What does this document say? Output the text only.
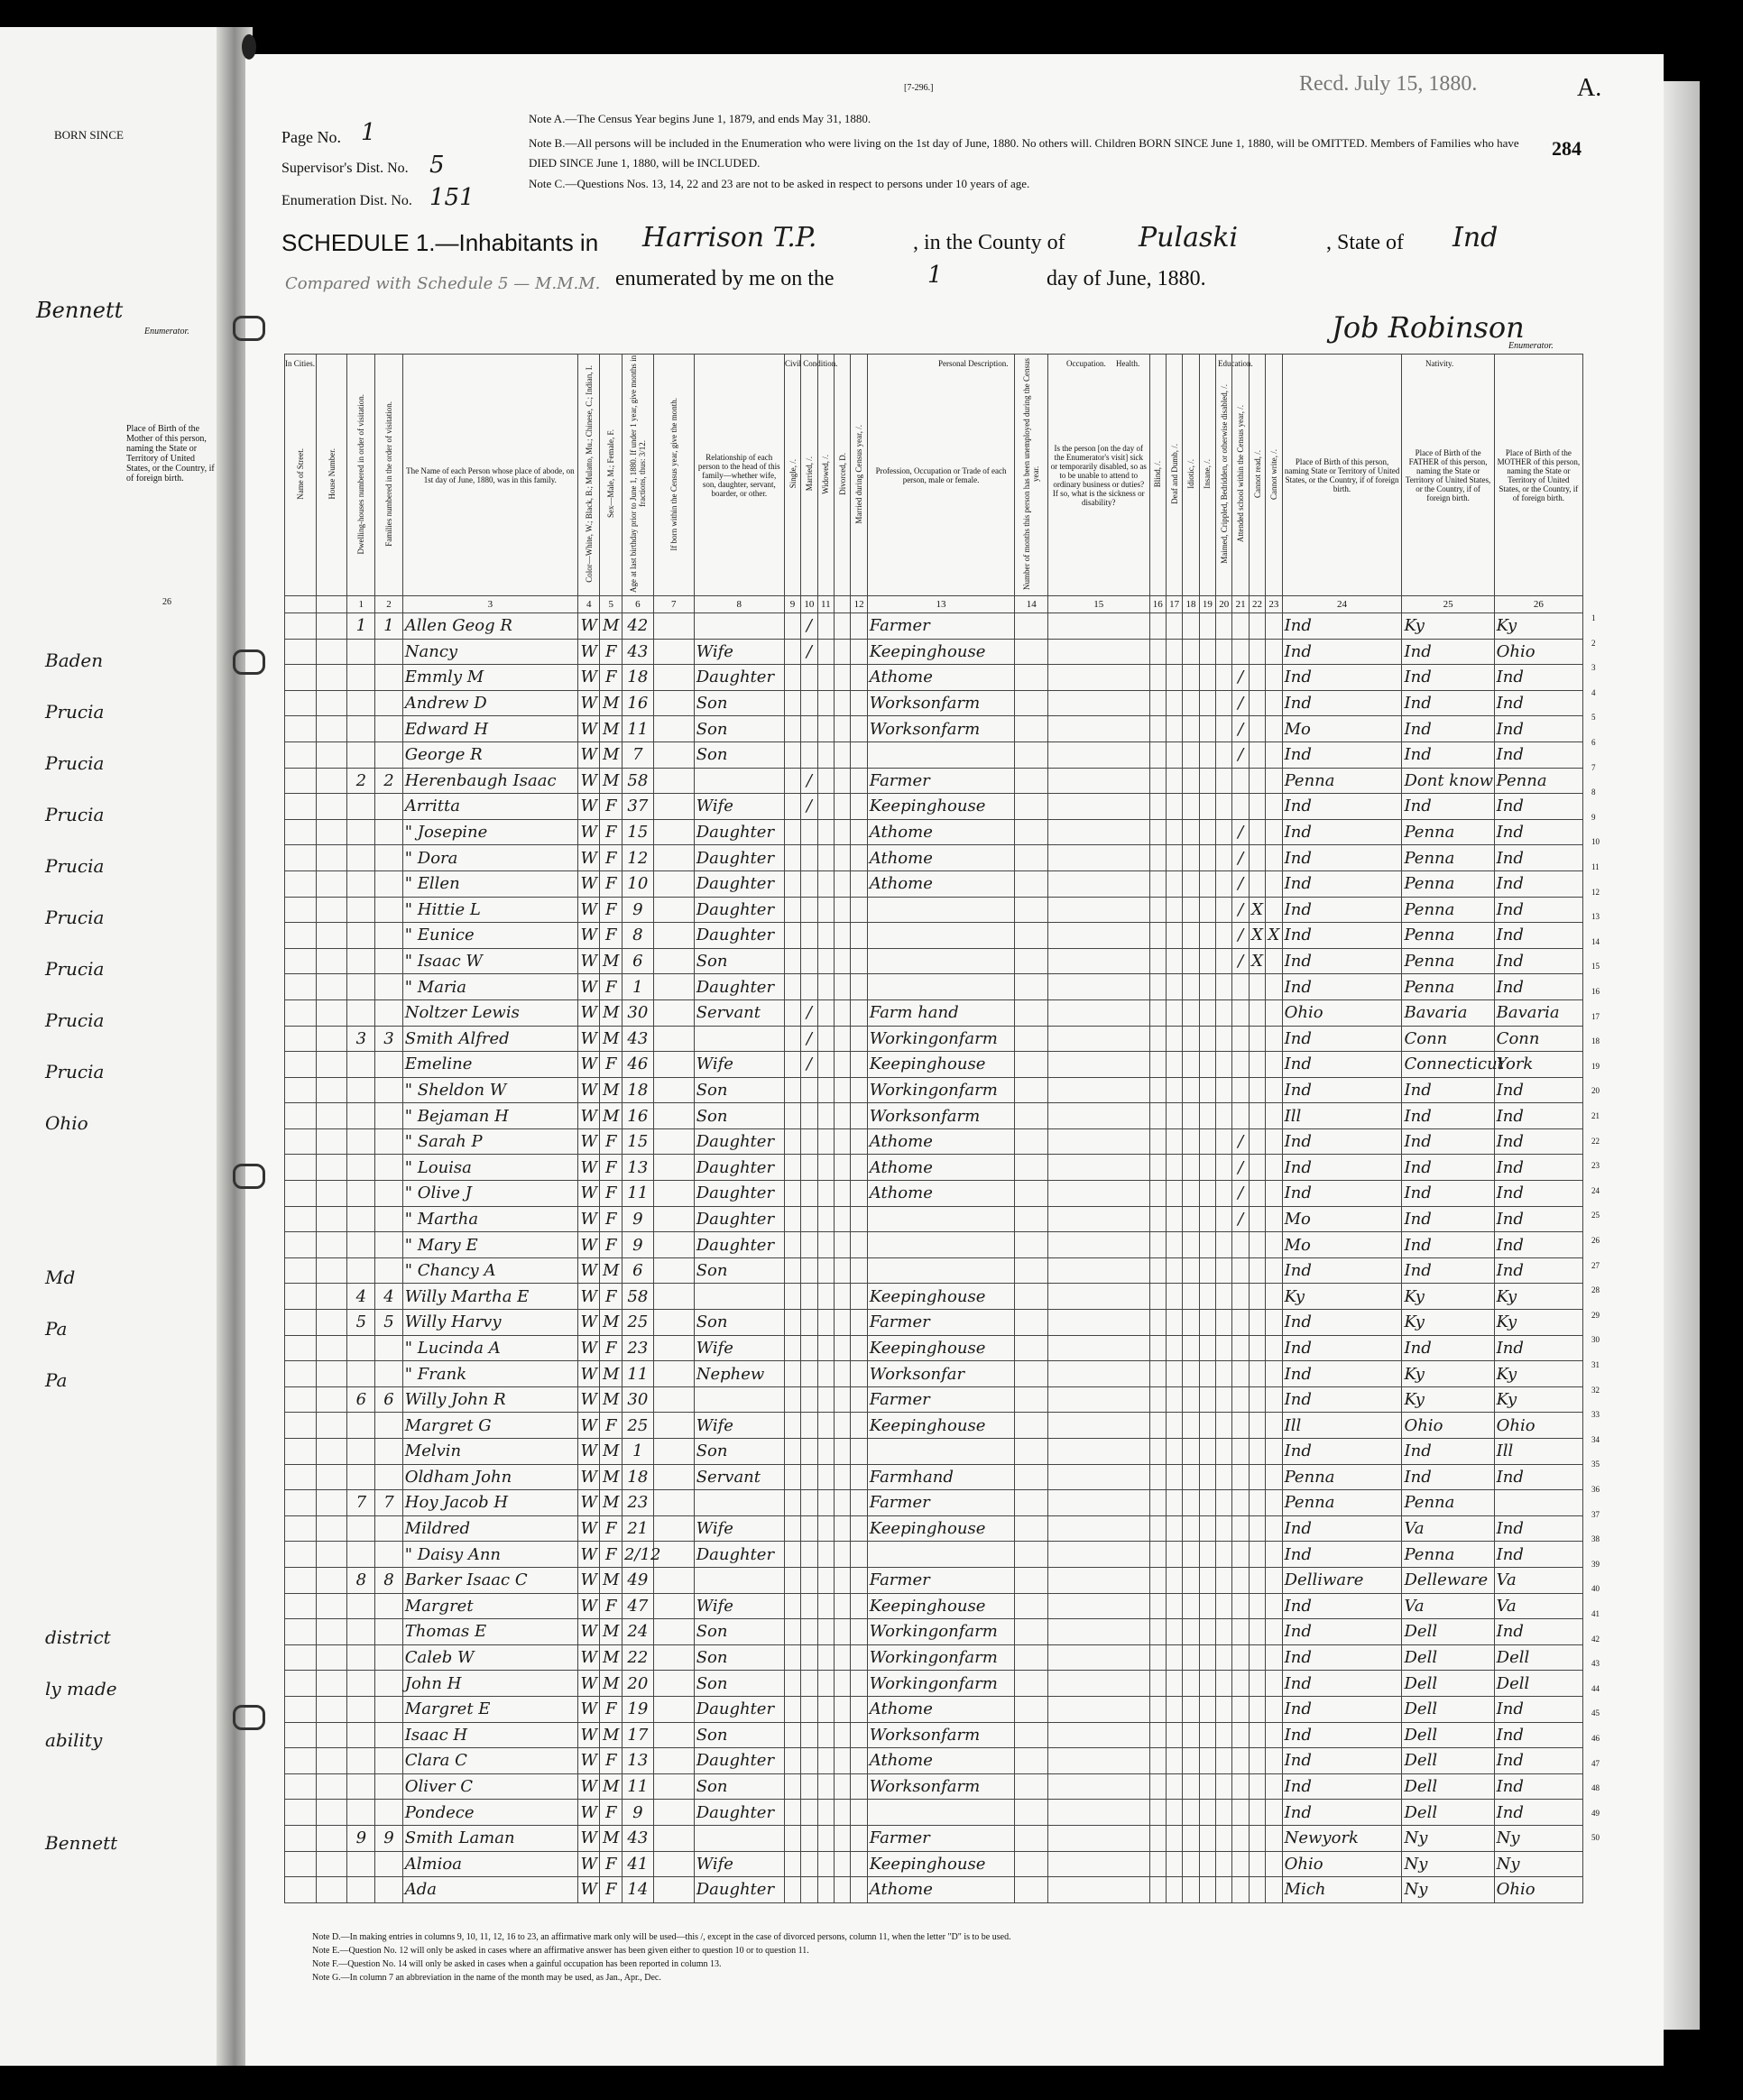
BORN SINCE
Bennett
Enumerator.
Place of Birth of the Mother of this person, naming the State or Territory of United States, or the Country, if of foreign birth.
26
Baden
Prucia
Prucia
Prucia
Prucia
Prucia
Prucia
Prucia
Prucia
Ohio
Md
Pa
Pa
district
ly made
ability
Bennett
[7-296.]	Recd. July 15, 1880.	A.
284
Page No. 1
Supervisor's Dist. No. 5
Enumeration Dist. No. 151
Note A.—The Census Year begins June 1, 1879, and ends May 31, 1880.
Note B.—All persons will be included in the Enumeration who were living on the 1st day of June, 1880. No others will. Children BORN SINCE June 1, 1880, will be OMITTED. Members of Families who have DIED SINCE June 1, 1880, will be INCLUDED.
Note C.—Questions Nos. 13, 14, 22 and 23 are not to be asked in respect to persons under 10 years of age.
SCHEDULE 1.—Inhabitants in Harrison T.P.	, in the County of	Pulaski	, State of Ind
Compared with Schedule 5 — M.M.M. enumerated by me on the	1	day of June, 1880.
Job Robinson
Enumerator.
Name of Street.	House Number.	Dwelling-houses numbered in order of visitation.	Families numbered in the order of visitation.	The Name of each Person whose place of abode, on 1st day of June, 1880, was in this family.	Color—White, W.; Black, B.; Mulatto, Mu.; Chinese, C.; Indian, I.	Sex—Male, M.; Female, F.	Age at last birthday prior to June 1, 1880. If under 1 year, give months in fractions, thus: 3/12.	If born within the Census year, give the month.	Relationship of each person to the head of this family—whether wife, son, daughter, servant, boarder, or other.	Single, /.	Married, /.	Widowed, /.	Divorced, D.	Married during Census year, /.	Profession, Occupation or Trade of each person, male or female.	Number of months this person has been unemployed during the Census year.	Is the person [on the day of the Enumerator's visit] sick or temporarily disabled, so as to be unable to attend to ordinary business or duties? If so, what is the sickness or disability?	Blind, /.	Deaf and Dumb, /.	Idiotic, /.	Insane, /.	Maimed, Crippled, Bedridden, or otherwise disabled, /.	Attended school within the Census year, /.	Cannot read, /.	Cannot write, /.	Place of Birth of this person, naming State or Territory of United States, or the Country, if of foreign birth.	Place of Birth of the FATHER of this person, naming the State or Territory of United States, or the Country, if of foreign birth.	Place of Birth of the MOTHER of this person, naming the State or Territory of United States, or the Country, if of foreign birth.
		1	2	3	4	5	6	7	8	9	10	11		12	13	14	15	16	17	18	19	20	21	22	23	24	25	26
		1	1	Allen Geog R	W	M	42				/				Farmer											Ind	Ky	Ky
				Nancy	W	F	43		Wife		/				Keepinghouse											Ind	Ind	Ohio
				Emmly M	W	F	18		Daughter						Athome								/			Ind	Ind	Ind
				Andrew D	W	M	16		Son						Worksonfarm								/			Ind	Ind	Ind
				Edward H	W	M	11		Son						Worksonfarm								/			Mo	Ind	Ind
				George R	W	M	7		Son														/			Ind	Ind	Ind
		2	2	Herenbaugh Isaac	W	M	58				/				Farmer											Penna	Dont know	Penna
				Arritta	W	F	37		Wife		/				Keepinghouse											Ind	Ind	Ind
				" Josepine	W	F	15		Daughter						Athome								/			Ind	Penna	Ind
				" Dora	W	F	12		Daughter						Athome								/			Ind	Penna	Ind
				" Ellen	W	F	10		Daughter						Athome								/			Ind	Penna	Ind
				" Hittie L	W	F	9		Daughter														/	X		Ind	Penna	Ind
				" Eunice	W	F	8		Daughter														/	X	X	Ind	Penna	Ind
				" Isaac W	W	M	6		Son														/	X		Ind	Penna	Ind
				" Maria	W	F	1		Daughter																	Ind	Penna	Ind
				Noltzer Lewis	W	M	30		Servant		/				Farm hand											Ohio	Bavaria	Bavaria
		3	3	Smith Alfred	W	M	43				/				Workingonfarm											Ind	Conn	Conn
				Emeline	W	F	46		Wife		/				Keepinghouse											Ind	Connecticut	York
				" Sheldon W	W	M	18		Son						Workingonfarm											Ind	Ind	Ind
				" Bejaman H	W	M	16		Son						Worksonfarm											Ill	Ind	Ind
				" Sarah P	W	F	15		Daughter						Athome								/			Ind	Ind	Ind
				" Louisa	W	F	13		Daughter						Athome								/			Ind	Ind	Ind
				" Olive J	W	F	11		Daughter						Athome								/			Ind	Ind	Ind
				" Martha	W	F	9		Daughter														/			Mo	Ind	Ind
				" Mary E	W	F	9		Daughter																	Mo	Ind	Ind
				" Chancy A	W	M	6		Son																	Ind	Ind	Ind
		4	4	Willy Martha E	W	F	58								Keepinghouse											Ky	Ky	Ky
		5	5	Willy Harvy	W	M	25		Son						Farmer											Ind	Ky	Ky
				" Lucinda A	W	F	23		Wife						Keepinghouse											Ind	Ind	Ind
				" Frank	W	M	11		Nephew						Worksonfar											Ind	Ky	Ky
		6	6	Willy John R	W	M	30								Farmer											Ind	Ky	Ky
				Margret G	W	F	25		Wife						Keepinghouse											Ill	Ohio	Ohio
				Melvin	W	M	1		Son																	Ind	Ind	Ill
				Oldham John	W	M	18		Servant						Farmhand											Penna	Ind	Ind
		7	7	Hoy Jacob H	W	M	23								Farmer											Penna	Penna	
				Mildred	W	F	21		Wife						Keepinghouse											Ind	Va	Ind
				" Daisy Ann	W	F	2/12		Daughter																	Ind	Penna	Ind
		8	8	Barker Isaac C	W	M	49								Farmer											Delliware	Delleware	Va
				Margret	W	F	47		Wife						Keepinghouse											Ind	Va	Va
				Thomas E	W	M	24		Son						Workingonfarm											Ind	Dell	Ind
				Caleb W	W	M	22		Son						Workingonfarm											Ind	Dell	Dell
				John H	W	M	20		Son						Workingonfarm											Ind	Dell	Dell
				Margret E	W	F	19		Daughter						Athome											Ind	Dell	Ind
				Isaac H	W	M	17		Son						Worksonfarm											Ind	Dell	Ind
				Clara C	W	F	13		Daughter						Athome											Ind	Dell	Ind
				Oliver C	W	M	11		Son						Worksonfarm											Ind	Dell	Ind
				Pondece	W	F	9		Daughter																	Ind	Dell	Ind
		9	9	Smith Laman	W	M	43								Farmer											Newyork	Ny	Ny
				Almioa	W	F	41		Wife						Keepinghouse											Ohio	Ny	Ny
				Ada	W	F	14		Daughter						Athome											Mich	Ny	Ohio
Personal Description.	Occupation. Health.	Education.	Nativity.
Civil Condition.
In Cities.
Note D.—In making entries in columns 9, 10, 11, 12, 16 to 23, an affirmative mark only will be used—this /, except in the case of divorced persons, column 11, when the letter "D" is to be used.
Note E.—Question No. 12 will only be asked in cases where an affirmative answer has been given either to question 10 or to question 11.
Note F.—Question No. 14 will only be asked in cases when a gainful occupation has been reported in column 13.
Note G.—In column 7 an abbreviation in the name of the month may be used, as Jan., Apr., Dec.
1
2
3
4
5
6
7
8
9
10
11
12
13
14
15
16
17
18
19
20
21
22
23
24
25
26
27
28
29
30
31
32
33
34
35
36
37
38
39
40
41
42
43
44
45
46
47
48
49
50
